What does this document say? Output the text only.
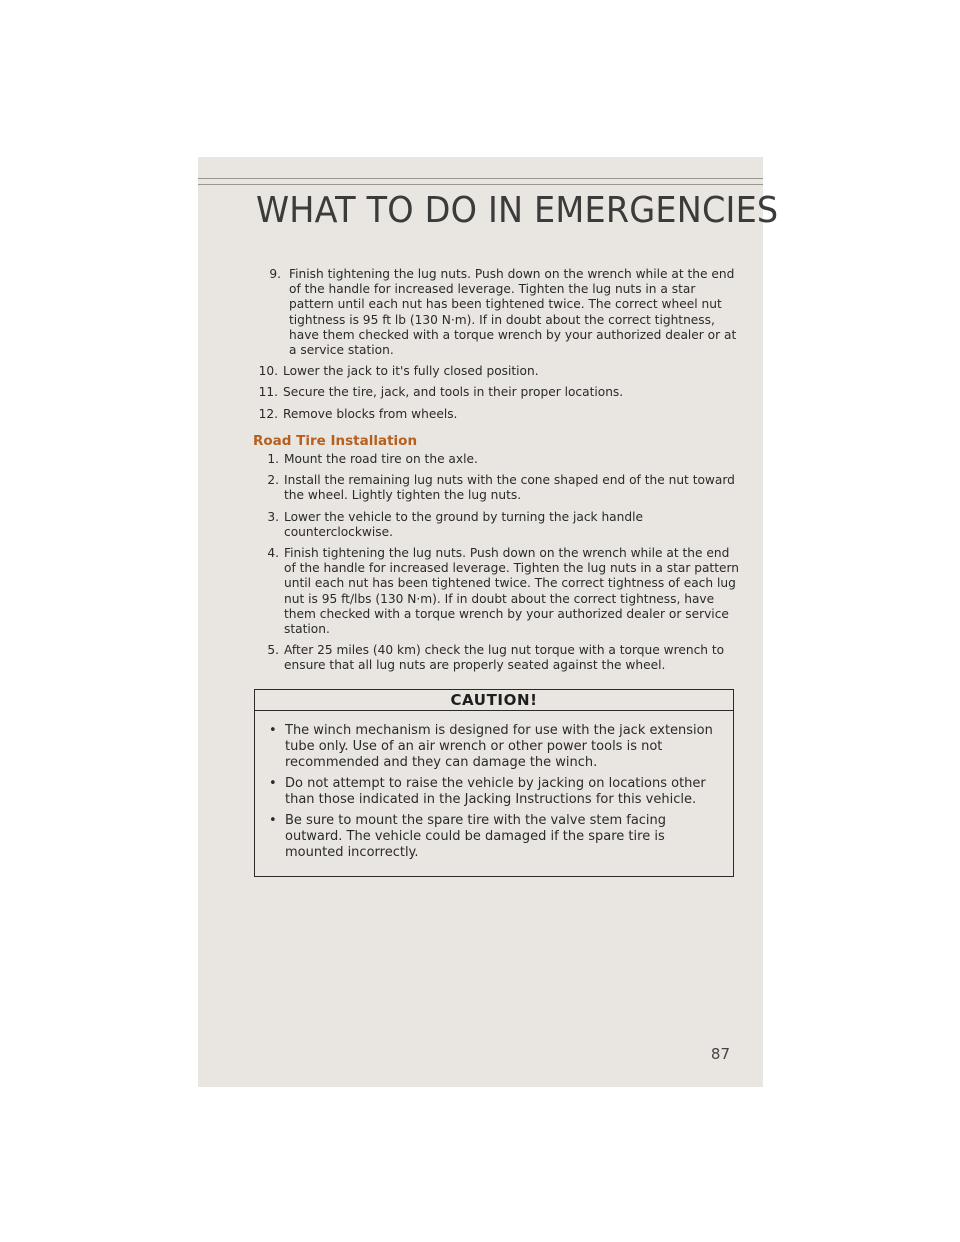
WHAT TO DO IN EMERGENCIES
9. Finish tightening the lug nuts. Push down on the wrench while at the end of the handle for increased leverage. Tighten the lug nuts in a star pattern until each nut has been tightened twice. The correct wheel nut tightness is 95 ft lb (130 N·m). If in doubt about the correct tightness, have them checked with a torque wrench by your authorized dealer or at a service station.
10. Lower the jack to it's fully closed position.
11. Secure the tire, jack, and tools in their proper locations.
12. Remove blocks from wheels.
Road Tire Installation
1. Mount the road tire on the axle.
2. Install the remaining lug nuts with the cone shaped end of the nut toward the wheel. Lightly tighten the lug nuts.
3. Lower the vehicle to the ground by turning the jack handle counterclockwise.
4. Finish tightening the lug nuts. Push down on the wrench while at the end of the handle for increased leverage. Tighten the lug nuts in a star pattern until each nut has been tightened twice. The correct tightness of each lug nut is 95 ft/lbs (130 N·m). If in doubt about the correct tightness, have them checked with a torque wrench by your authorized dealer or service station.
5. After 25 miles (40 km) check the lug nut torque with a torque wrench to ensure that all lug nuts are properly seated against the wheel.
CAUTION!
• The winch mechanism is designed for use with the jack extension tube only. Use of an air wrench or other power tools is not recommended and they can damage the winch.
• Do not attempt to raise the vehicle by jacking on locations other than those indicated in the Jacking Instructions for this vehicle.
• Be sure to mount the spare tire with the valve stem facing outward. The vehicle could be damaged if the spare tire is mounted incorrectly.
87
